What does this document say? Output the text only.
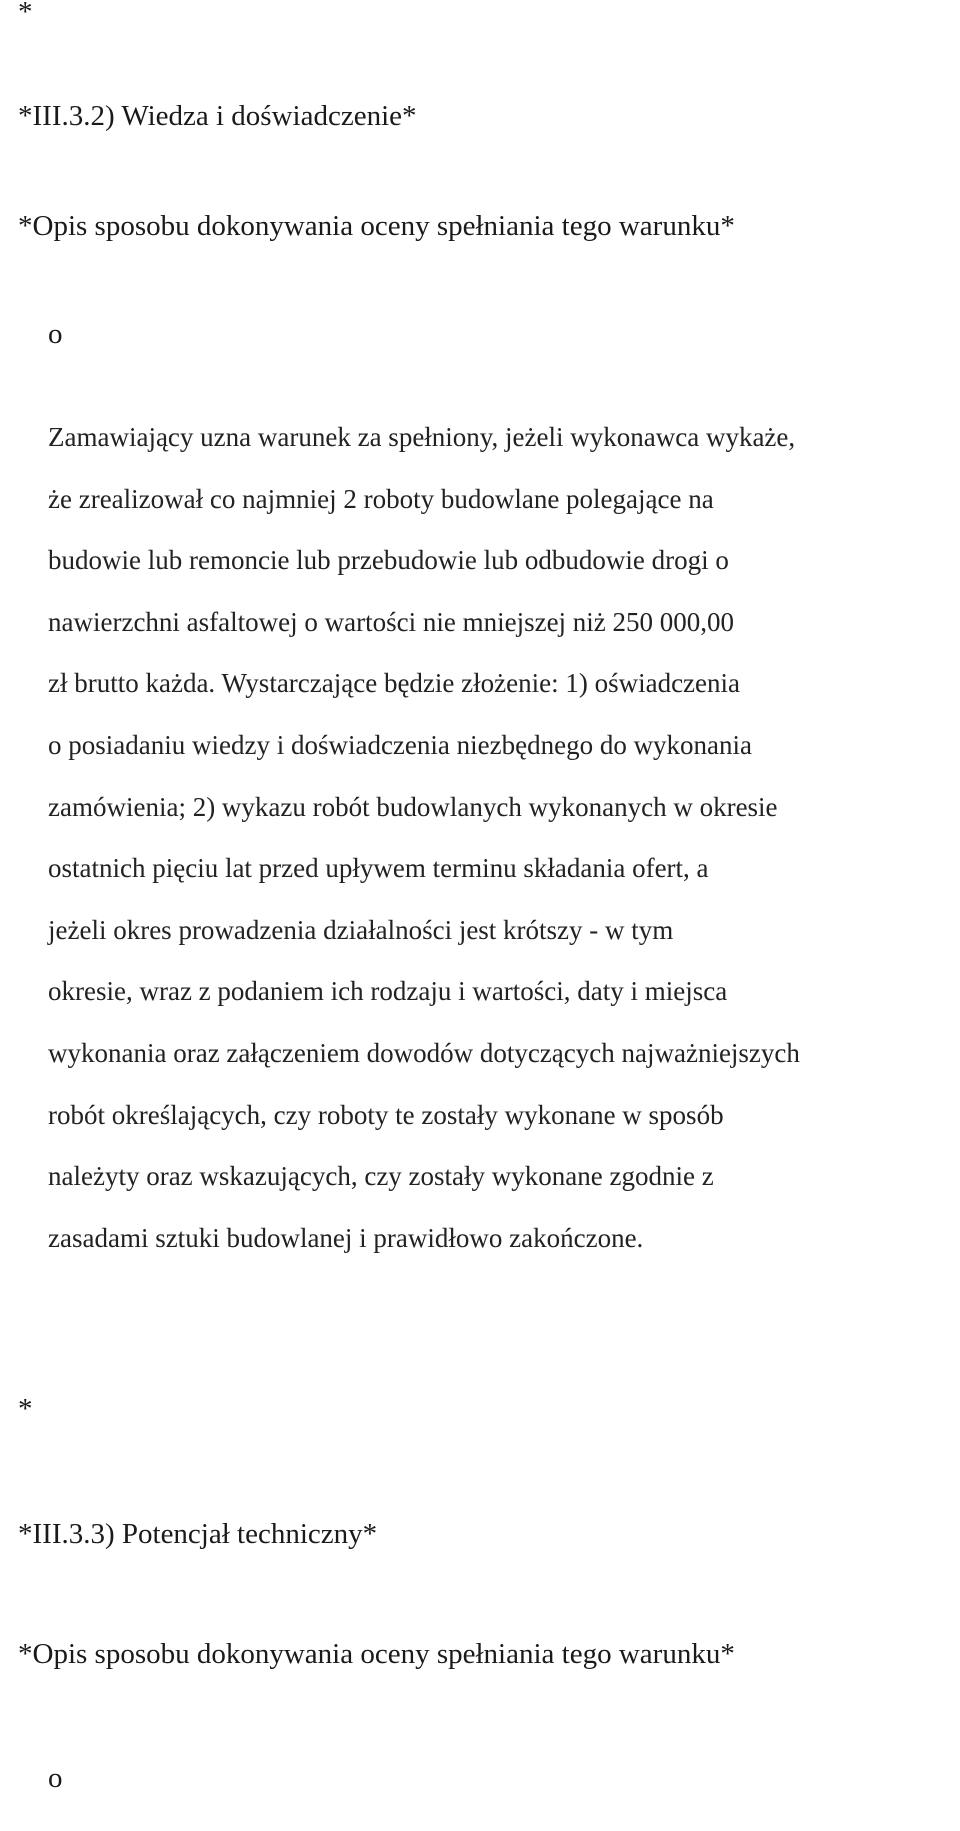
*
*III.3.2) Wiedza i doświadczenie*
*Opis sposobu dokonywania oceny spełniania tego warunku*
o
Zamawiający uzna warunek za spełniony, jeżeli wykonawca wykaże,
że zrealizował co najmniej 2 roboty budowlane polegające na
budowie lub remoncie lub przebudowie lub odbudowie drogi o
nawierzchni asfaltowej o wartości nie mniejszej niż 250 000,00
zł brutto każda. Wystarczające będzie złożenie: 1) oświadczenia
o posiadaniu wiedzy i doświadczenia niezbędnego do wykonania
zamówienia; 2) wykazu robót budowlanych wykonanych w okresie
ostatnich pięciu lat przed upływem terminu składania ofert, a
jeżeli okres prowadzenia działalności jest krótszy - w tym
okresie, wraz z podaniem ich rodzaju i wartości, daty i miejsca
wykonania oraz załączeniem dowodów dotyczących najważniejszych
robót określających, czy roboty te zostały wykonane w sposób
należyty oraz wskazujących, czy zostały wykonane zgodnie z
zasadami sztuki budowlanej i prawidłowo zakończone.
*
*III.3.3) Potencjał techniczny*
*Opis sposobu dokonywania oceny spełniania tego warunku*
o
